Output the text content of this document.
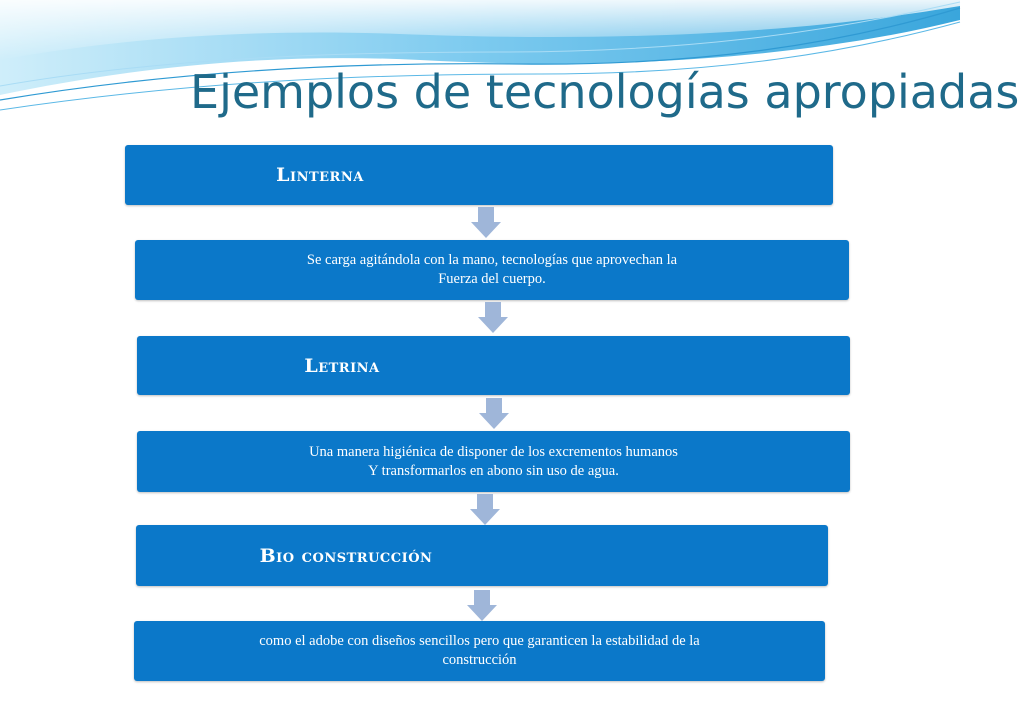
Ejemplos de tecnologías apropiadas
Linterna
Se carga agitándola con la mano, tecnologías que aprovechan la
Fuerza del cuerpo.
Letrina
Una manera higiénica de disponer de los excrementos humanos
Y transformarlos en abono sin uso de agua.
Bio construcción
como el adobe con diseños sencillos pero que garanticen la estabilidad de la
construcción
